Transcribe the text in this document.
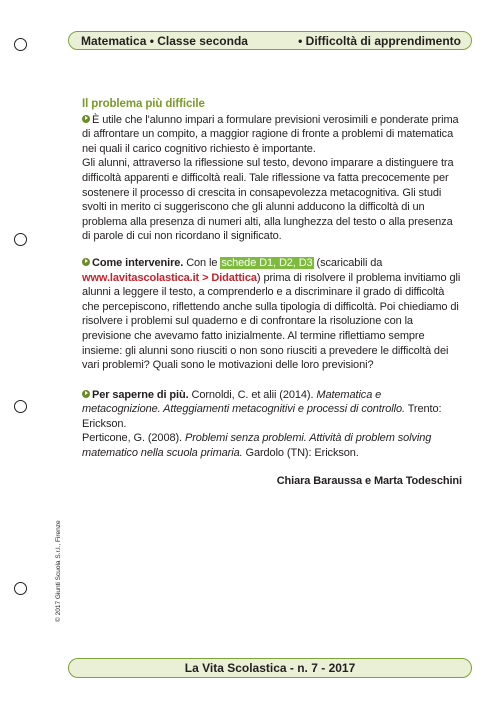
Matematica • Classe seconda	• Difficoltà di apprendimento
© 2017 Giunti Scuola S.r.l., Firenze
Il problema più difficile

È utile che l'alunno impari a formulare previsioni verosimili e ponderate prima di affrontare un compito, a maggior ragione di fronte a problemi di matematica nei quali il carico cognitivo richiesto è importante.

Gli alunni, attraverso la riflessione sul testo, devono imparare a distinguere tra difficoltà apparenti e difficoltà reali. Tale riflessione va fatta precocemente per sostenere il processo di crescita in consapevolezza metacognitiva. Gli studi svolti in merito ci suggeriscono che gli alunni adducono la difficoltà di un problema alla presenza di numeri alti, alla lunghezza del testo o alla presenza di parole di cui non ricordano il significato.

Come intervenire. Con le schede D1, D2, D3 (scaricabili da www.lavitascolastica.it > Didattica) prima di risolvere il problema invitiamo gli alunni a leggere il testo, a comprenderlo e a discriminare il grado di difficoltà che percepiscono, riflettendo anche sulla tipologia di difficoltà. Poi chiediamo di risolvere i problemi sul quaderno e di confrontare la risoluzione con la previsione che avevamo fatto inizialmente. Al termine riflettiamo sempre insieme: gli alunni sono riusciti o non sono riusciti a prevedere le difficoltà dei vari problemi? Quali sono le motivazioni delle loro previsioni?

Per saperne di più. Cornoldi, C. et alii (2014). Matematica e metacognizione. Atteggiamenti metacognitivi e processi di controllo. Trento: Erickson.

Perticone, G. (2008). Problemi senza problemi. Attività di problem solving matematico nella scuola primaria. Gardolo (TN): Erickson.

Chiara Baraussa e Marta Todeschini
La Vita Scolastica - n. 7 - 2017
